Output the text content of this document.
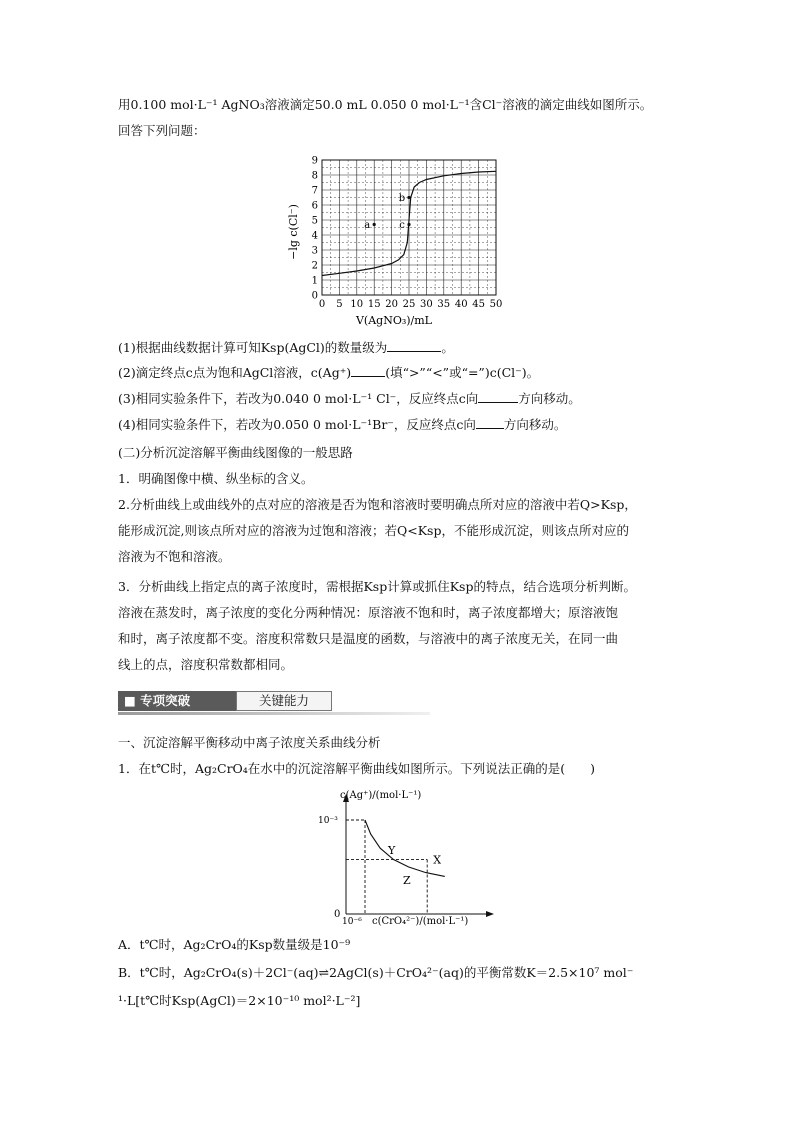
用0.100 mol·L⁻¹ AgNO₃溶液滴定50.0 mL 0.050 0 mol·L⁻¹含Cl⁻溶液的滴定曲线如图所示。
回答下列问题：
0 5 10 15 20 25 30 35 40 45 50
0
1
2
3
4
5
6
7
8
9
a
b
c
V(AgNO₃)/mL
−lg c(Cl⁻)
(1)根据曲线数据计算可知Ksp(AgCl)的数量级为	。
(2)滴定终点c点为饱和AgCl溶液，c(Ag⁺)	(填“>”“<”或“=”)c(Cl⁻)。
(3)相同实验条件下，若改为0.040 0 mol·L⁻¹ Cl⁻，反应终点c向	方向移动。
(4)相同实验条件下，若改为0.050 0 mol·L⁻¹Br⁻，反应终点c向 方向移动。
(二)分析沉淀溶解平衡曲线图像的一般思路
1．明确图像中横、纵坐标的含义。
2.分析曲线上或曲线外的点对应的溶液是否为饱和溶液时要明确点所对应的溶液中若Q>Ksp，
能形成沉淀,则该点所对应的溶液为过饱和溶液；若Q<Ksp，不能形成沉淀，则该点所对应的
溶液为不饱和溶液。
3．分析曲线上指定点的离子浓度时，需根据Ksp计算或抓住Ksp的特点，结合选项分析判断。
溶液在蒸发时，离子浓度的变化分两种情况：原溶液不饱和时，离子浓度都增大；原溶液饱
和时，离子浓度都不变。溶度积常数只是温度的函数，与溶液中的离子浓度无关，在同一曲
线上的点，溶度积常数都相同。
■ 专项突破	关键能力
一、沉淀溶解平衡移动中离子浓度关系曲线分析
1．在t℃时，Ag₂CrO₄在水中的沉淀溶解平衡曲线如图所示。下列说法正确的是(　　)
Y
X
Z
c(Ag⁺)/(mol·L⁻¹)
c(CrO₄²⁻)/(mol·L⁻¹)
10⁻³
10⁻⁶
0
A．t℃时，Ag₂CrO₄的Ksp数量级是10⁻⁹
B．t℃时，Ag₂CrO₄(s)＋2Cl⁻(aq)⇌2AgCl(s)＋CrO₄²⁻(aq)的平衡常数K＝2.5×10⁷ mol⁻
¹·L[t℃时Ksp(AgCl)＝2×10⁻¹⁰ mol²·L⁻²]
